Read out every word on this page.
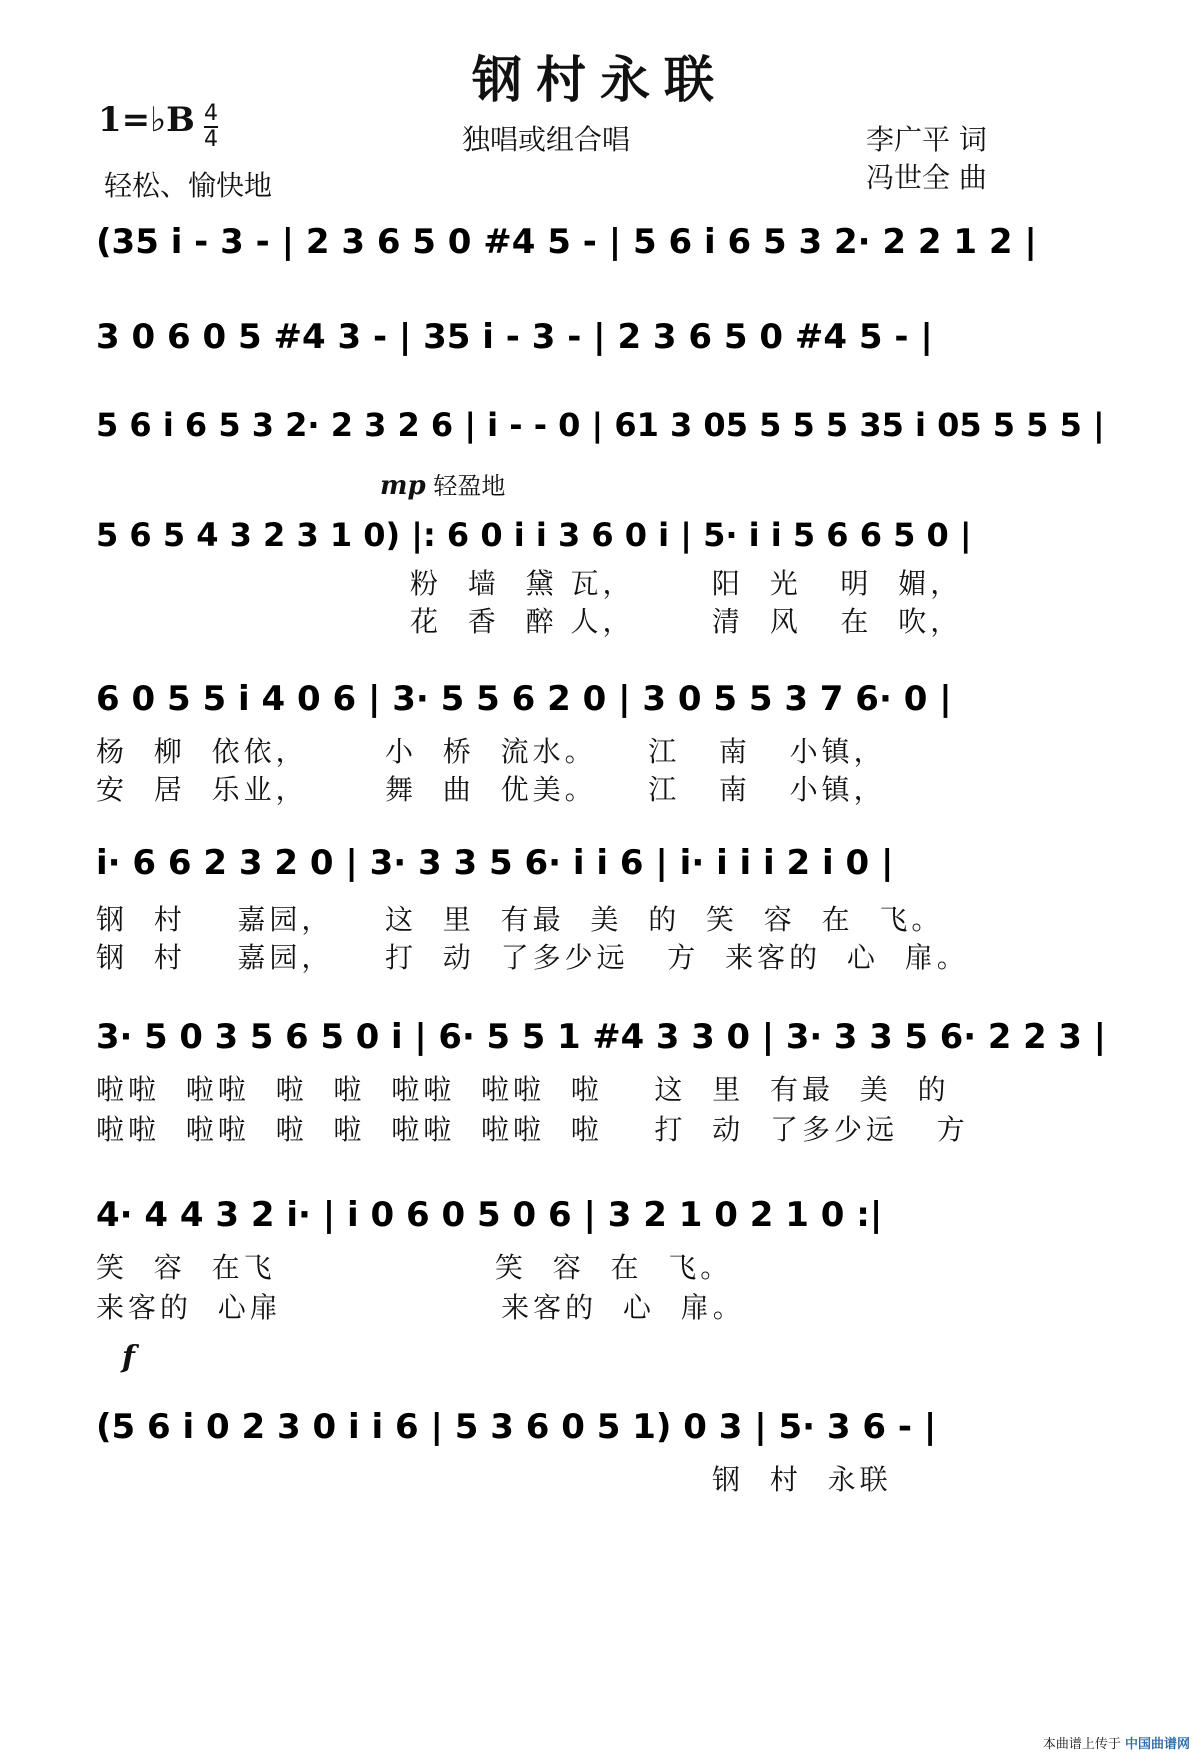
钢村永联
1=♭B $\frac{4}{4}$	独唱或组合唱	李广平 词
冯世全 曲
轻松、愉快地
(35 i - 3 - | 2 3 6 5 0 #4 5 - | 5 6 i 6 5 3 2· 2 2 1 2 |
3 0 6 0 5 #4 3 - | 35 i - 3 - | 2 3 6 5 0 #4 5 - |
5 6 i 6 5 3 2· 2 3 2 6 | i - - 0 | 61 3 05 5 5 5 35 i 05 5 5 5 |
mp 轻盈地
5 6 5 4 3 2 3 1 0) |: 6 0 i i 3 6 0 i | 5· i i 5 6 6 5 0 |
粉  墙  黛 瓦，      阳  光   明  媚，
花  香  醉 人，      清  风   在  吹，
6 0 5 5 i 4 0 6 | 3· 5 5 6 2 0 | 3 0 5 5 3 7 6· 0 |
杨  柳  依依，      小  桥  流水。    江   南   小镇，
安  居  乐业，      舞  曲  优美。    江   南   小镇，
i· 6 6 2 3 2 0 | 3· 3 3 5 6· i i 6 | i· i i i 2 i 0 |
钢  村    嘉园，    这  里  有最  美  的  笑  容  在  飞。
钢  村    嘉园，    打  动  了多少远   方  来客的  心  扉。
3· 5 0 3 5 6 5 0 i | 6· 5 5 1 #4 3 3 0 | 3· 3 3 5 6· 2 2 3 |
啦啦  啦啦  啦  啦  啦啦  啦啦  啦    这  里  有最  美  的
啦啦  啦啦  啦  啦  啦啦  啦啦  啦    打  动  了多少远   方
4· 4 4 3 2 i· | i 0 6 0 5 0 6 | 3 2 1 0 2 1 0 :|
笑  容  在飞                 笑  容  在  飞。
来客的  心扉                 来客的  心  扉。
f
(5 6 i 0 2 3 0 i i 6 | 5 3 6 0 5 1) 0 3 | 5· 3 6 - |
钢  村  永联
本曲谱上传于 中国曲谱网
